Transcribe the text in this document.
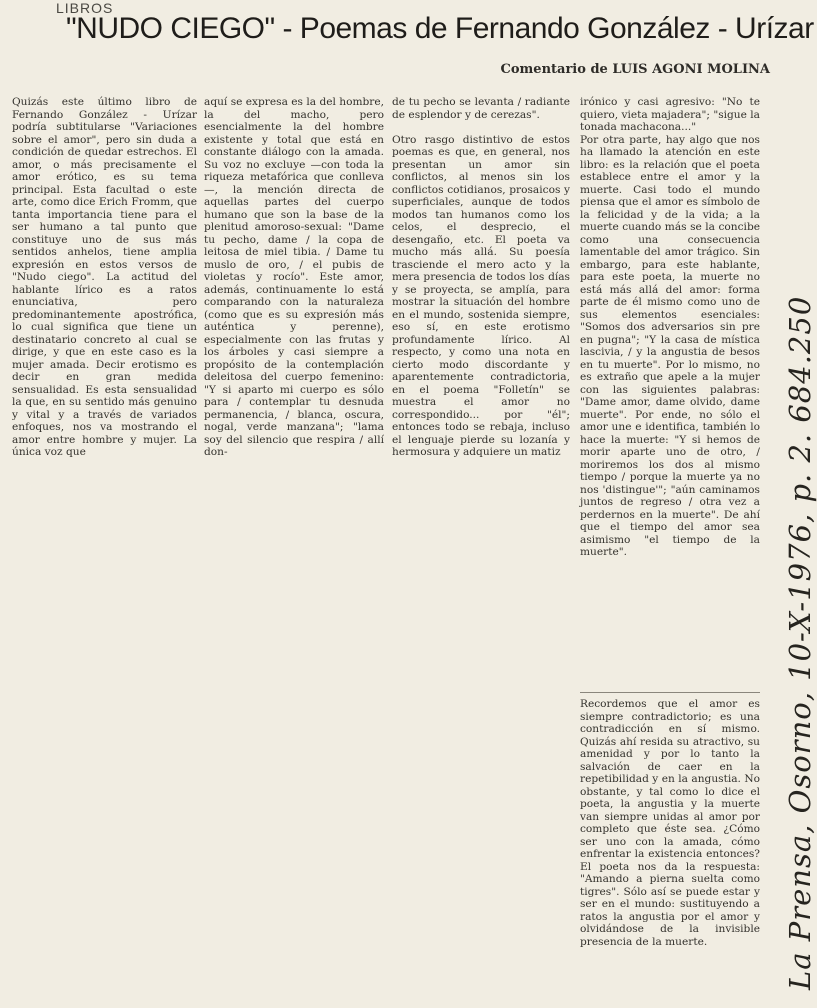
LIBROS
"NUDO CIEGO" - Poemas de Fernando González - Urízar
Comentario de LUIS AGONI MOLINA

Quizás este último libro de Fernando González - Urízar podría subtitularse "Variaciones sobre el amor", pero sin duda a condición de quedar estrechos. El amor, o más precisamente el amor erótico, es su tema principal. Esta facultad o este arte, como dice Erich Fromm, que tanta importancia tiene para el ser humano a tal punto que constituye uno de sus más sentidos anhelos, tiene amplia expresión en estos versos de "Nudo ciego". La actitud del hablante lírico es a ratos enunciativa, pero predominantemente apostrófica, lo cual significa que tiene un destinatario concreto al cual se dirige, y que en este caso es la mujer amada. Decir erotismo es decir en gran medida sensualidad. Es esta sensualidad la que, en su sentido más genuino y vital y a través de variados enfoques, nos va mostrando el amor entre hombre y mujer. La única voz que

aquí se expresa es la del hombre, la del macho, pero esencialmente la del hombre existente y total que está en constante diálogo con la amada. Su voz no excluye —con toda la riqueza metafórica que conlleva—, la mención directa de aquellas partes del cuerpo humano que son la base de la plenitud amoroso-sexual: "Dame tu pecho, dame / la copa de leitosa de miel tibia. / Dame tu muslo de oro, / el pubis de violetas y rocío". Este amor, además, continuamente lo está comparando con la naturaleza (como que es su expresión más auténtica y perenne), especialmente con las frutas y los árboles y casi siempre a propósito de la contemplación deleitosa del cuerpo femenino: "Y si aparto mi cuerpo es sólo para / contemplar tu desnuda permanencia, / blanca, oscura, nogal, verde manzana"; "lama soy del silencio que respira / allí don-

de tu pecho se levanta / radiante de esplendor y de cerezas".

Otro rasgo distintivo de estos poemas es que, en general, nos presentan un amor sin conflictos, al menos sin los conflictos cotidianos, prosaicos y superficiales, aunque de todos modos tan humanos como los celos, el desprecio, el desengaño, etc. El poeta va mucho más allá. Su poesía trasciende el mero acto y la mera presencia de todos los días y se proyecta, se amplía, para mostrar la situación del hombre en el mundo, sostenida siempre, eso sí, en este erotismo profundamente lírico. Al respecto, y como una nota en cierto modo discordante y aparentemente contradictoria, en el poema "Folletín" se muestra el amor no correspondido... por "él"; entonces todo se rebaja, incluso el lenguaje pierde su lozanía y hermosura y adquiere un matiz

irónico y casi agresivo: "No te quiero, vieta majadera"; "sigue la tonada machacona..."
Por otra parte, hay algo que nos ha llamado la atención en este libro: es la relación que el poeta establece entre el amor y la muerte. Casi todo el mundo piensa que el amor es símbolo de la felicidad y de la vida; a la muerte cuando más se la concibe como una consecuencia lamentable del amor trágico. Sin embargo, para este hablante, para este poeta, la muerte no está más allá del amor: forma parte de él mismo como uno de sus elementos esenciales: "Somos dos adversarios sin pre en pugna"; "Y la casa de mística lascivia, / y la angustia de besos en tu muerte". Por lo mismo, no es extraño que apele a la mujer con las siguientes palabras: "Dame amor, dame olvido, dame muerte". Por ende, no sólo el amor une e identifica, también lo hace la muerte: "Y si hemos de morir aparte uno de otro, / moriremos los dos al mismo tiempo / porque la muerte ya no nos 'distingue'"; "aún caminamos juntos de regreso / otra vez a perdernos en la muerte". De ahí que el tiempo del amor sea asimismo "el tiempo de la muerte".

Recordemos que el amor es siempre contradictorio; es una contradicción en sí mismo. Quizás ahí resida su atractivo, su amenidad y por lo tanto la salvación de caer en la repetibilidad y en la angustia. No obstante, y tal como lo dice el poeta, la angustia y la muerte van siempre unidas al amor por completo que éste sea. ¿Cómo ser uno con la amada, cómo enfrentar la existencia entonces? El poeta nos da la respuesta: "Amando a pierna suelta como tigres". Sólo así se puede estar y ser en el mundo: sustituyendo a ratos la angustia por el amor y olvidándose de la invisible presencia de la muerte.	La Prensa, Osorno, 10-X-1976, p. 2. 684.250
